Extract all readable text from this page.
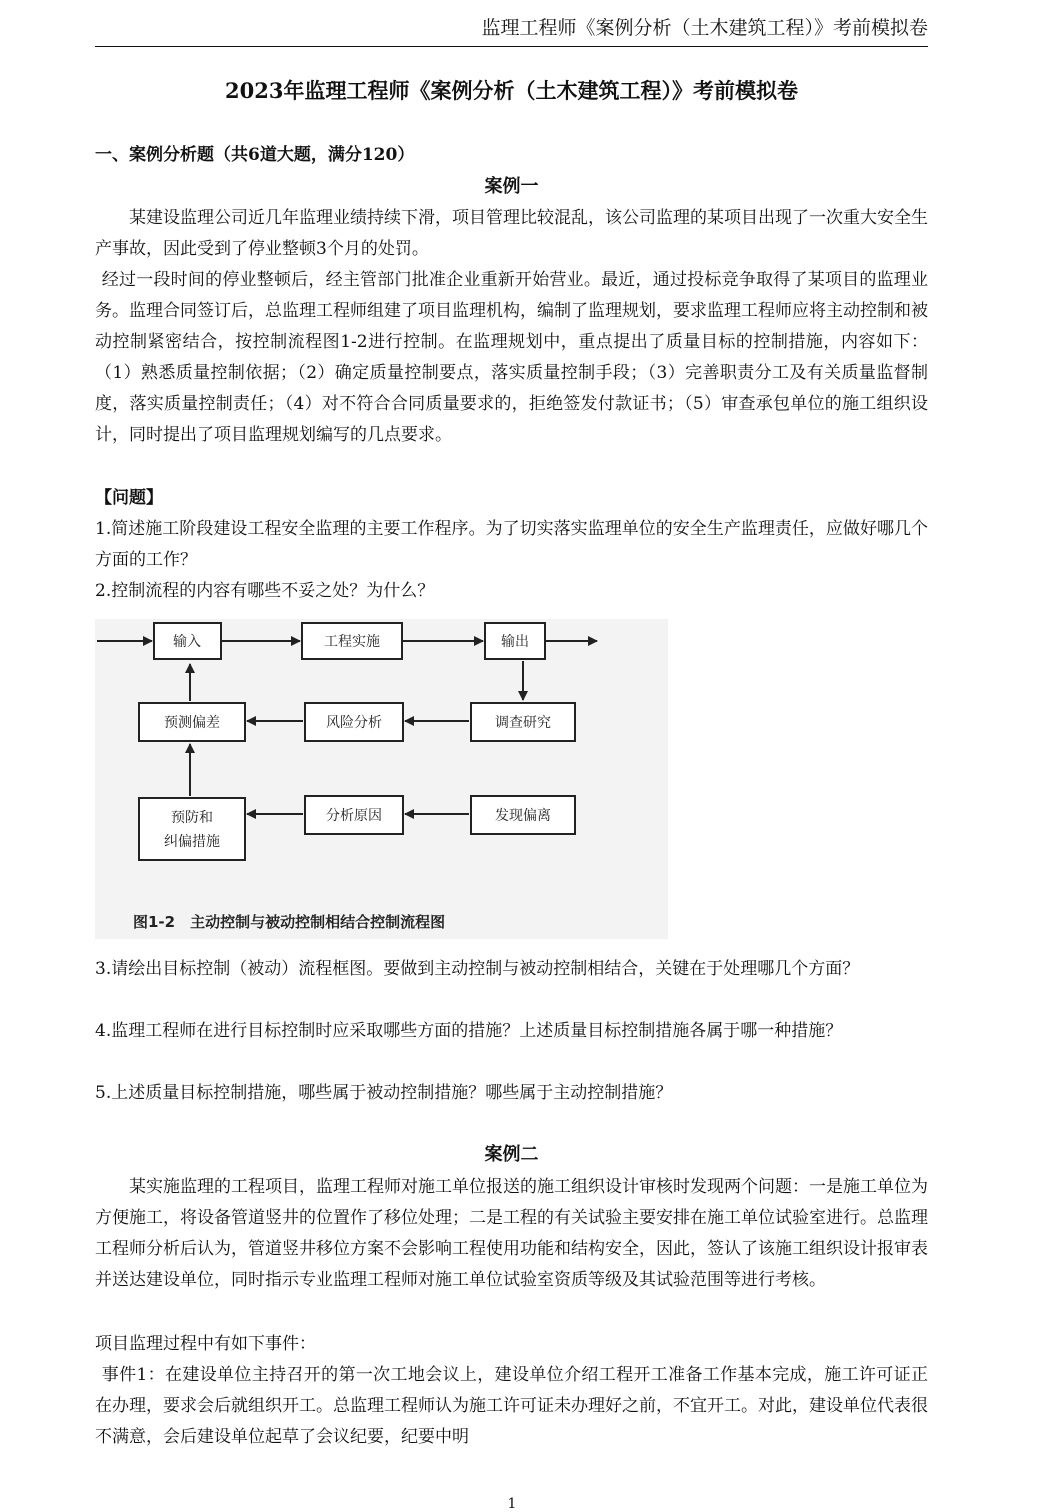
监理工程师《案例分析（土木建筑工程）》考前模拟卷
2023年监理工程师《案例分析（土木建筑工程）》考前模拟卷
一、案例分析题（共6道大题，满分120）
案例一

某建设监理公司近几年监理业绩持续下滑，项目管理比较混乱，该公司监理的某项目出现了一次重大安全生产事故，因此受到了停业整顿3个月的处罚。

经过一段时间的停业整顿后，经主管部门批准企业重新开始营业。最近，通过投标竞争取得了某项目的监理业务。监理合同签订后，总监理工程师组建了项目监理机构，编制了监理规划，要求监理工程师应将主动控制和被动控制紧密结合，按控制流程图1-2进行控制。在监理规划中，重点提出了质量目标的控制措施，内容如下：（1）熟悉质量控制依据；（2）确定质量控制要点，落实质量控制手段；（3）完善职责分工及有关质量监督制度，落实质量控制责任；（4）对不符合合同质量要求的，拒绝签发付款证书；（5）审查承包单位的施工组织设计，同时提出了项目监理规划编写的几点要求。

【问题】

1.简述施工阶段建设工程安全监理的主要工作程序。为了切实落实监理单位的安全生产监理责任，应做好哪几个方面的工作？

2.控制流程的内容有哪些不妥之处？为什么？

输入	工程实施	输出
预测偏差	风险分析	调查研究
预防和
纠偏措施
分析原因	发现偏离
图1-2　主动控制与被动控制相结合控制流程图

3.请绘出目标控制（被动）流程框图。要做到主动控制与被动控制相结合，关键在于处理哪几个方面？

4.监理工程师在进行目标控制时应采取哪些方面的措施？上述质量目标控制措施各属于哪一种措施？

5.上述质量目标控制措施，哪些属于被动控制措施？哪些属于主动控制措施？

案例二

某实施监理的工程项目，监理工程师对施工单位报送的施工组织设计审核时发现两个问题：一是施工单位为方便施工，将设备管道竖井的位置作了移位处理；二是工程的有关试验主要安排在施工单位试验室进行。总监理工程师分析后认为，管道竖井移位方案不会影响工程使用功能和结构安全，因此，签认了该施工组织设计报审表并送达建设单位，同时指示专业监理工程师对施工单位试验室资质等级及其试验范围等进行考核。

项目监理过程中有如下事件：

事件1：在建设单位主持召开的第一次工地会议上，建设单位介绍工程开工准备工作基本完成，施工许可证正在办理，要求会后就组织开工。总监理工程师认为施工许可证未办理好之前，不宜开工。对此，建设单位代表很不满意，会后建设单位起草了会议纪要，纪要中明

1
